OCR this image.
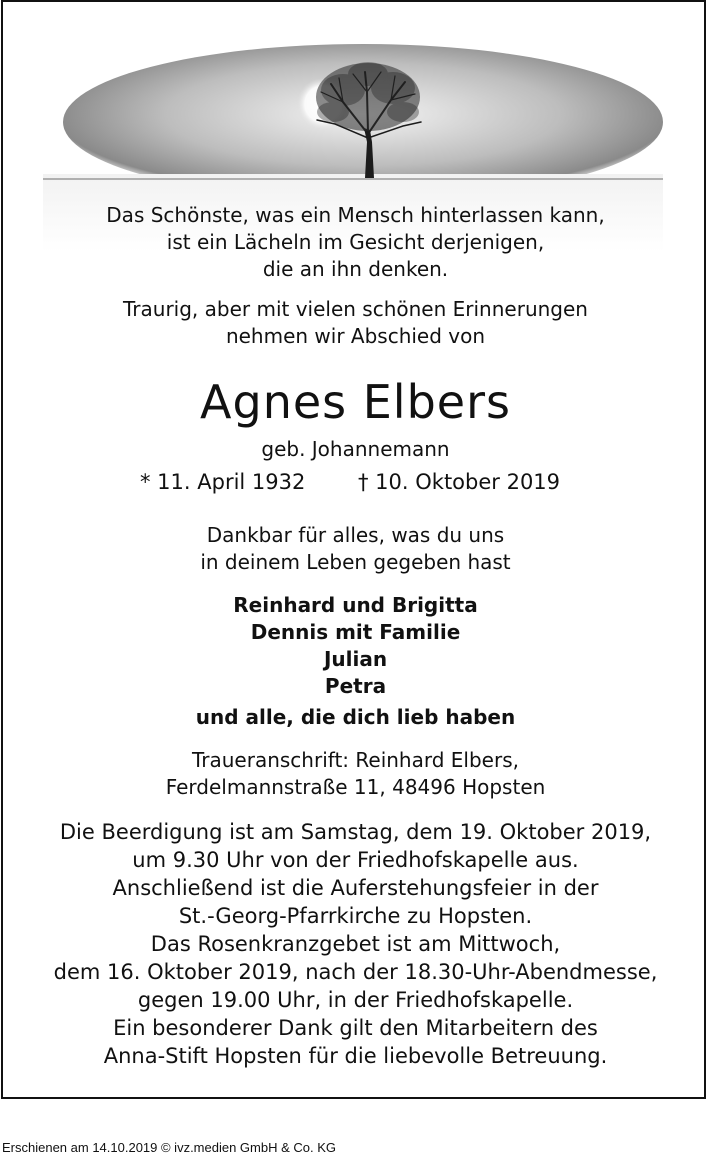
Das Schönste, was ein Mensch hinterlassen kann,
ist ein Lächeln im Gesicht derjenigen,
die an ihn denken.
Traurig, aber mit vielen schönen Erinnerungen
nehmen wir Abschied von
Agnes Elbers
geb. Johannemann
* 11. April 1932	† 10. Oktober 2019
Dankbar für alles, was du uns
in deinem Leben gegeben hast
Reinhard und Brigitta
Dennis mit Familie
Julian
Petra
und alle, die dich lieb haben
Traueranschrift: Reinhard Elbers,
Ferdelmannstraße 11, 48496 Hopsten
Die Beerdigung ist am Samstag, dem 19. Oktober 2019,
um 9.30 Uhr von der Friedhofskapelle aus.
Anschließend ist die Auferstehungsfeier in der
St.-Georg-Pfarrkirche zu Hopsten.
Das Rosenkranzgebet ist am Mittwoch,
dem 16. Oktober 2019, nach der 18.30-Uhr-Abendmesse,
gegen 19.00 Uhr, in der Friedhofskapelle.
Ein besonderer Dank gilt den Mitarbeitern des
Anna-Stift Hopsten für die liebevolle Betreuung.
Erschienen am 14.10.2019 © ivz.medien GmbH & Co. KG
